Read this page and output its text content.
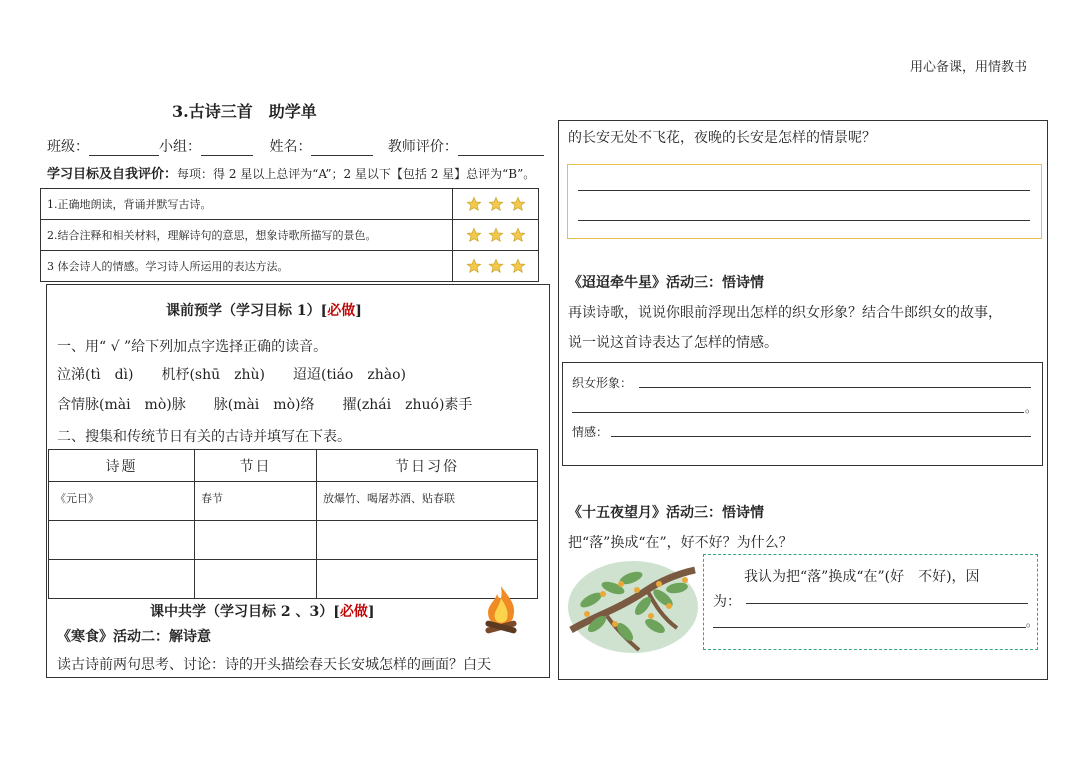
用心备课，用情教书
3.古诗三首　助学单
班级：	小组：	姓名：	教师评价：
学习目标及自我评价：每项：得 2 星以上总评为“A”；2 星以下【包括 2 星】总评为“B”。
1.正确地朗读，背诵并默写古诗。	
2.结合注释和相关材料，理解诗句的意思，想象诗歌所描写的景色。	
3 体会诗人的情感。学习诗人所运用的表达方法。	
课前预学（学习目标 1）[必做]
一、用“ √ ”给下列加点字选择正确的读音。
泣涕(tì　dì)　　机杼(shū　zhù)　　迢迢(tiáo　zhào)
含情脉(mài　mò)脉　　脉(mài　mò)络　　擢(zhái　zhuó)素手
二、搜集和传统节日有关的古诗并填写在下表。
诗题	节日	节日习俗
《元日》	春节	放爆竹、喝屠苏酒、贴春联

课中共学（学习目标 2 、3）[必做]
《寒食》活动二：解诗意
读古诗前两句思考、讨论：诗的开头描绘春天长安城怎样的画面？白天
的长安无处不飞花，夜晚的长安是怎样的情景呢？
《迢迢牵牛星》活动三：悟诗情
再读诗歌，说说你眼前浮现出怎样的织女形象？结合牛郎织女的故事，
说一说这首诗表达了怎样的情感。
织女形象：
。
情感：
《十五夜望月》活动三：悟诗情
把“落”换成“在”，好不好？为什么？
我认为把“落”换成“在”(好　不好)，因
为：
。
